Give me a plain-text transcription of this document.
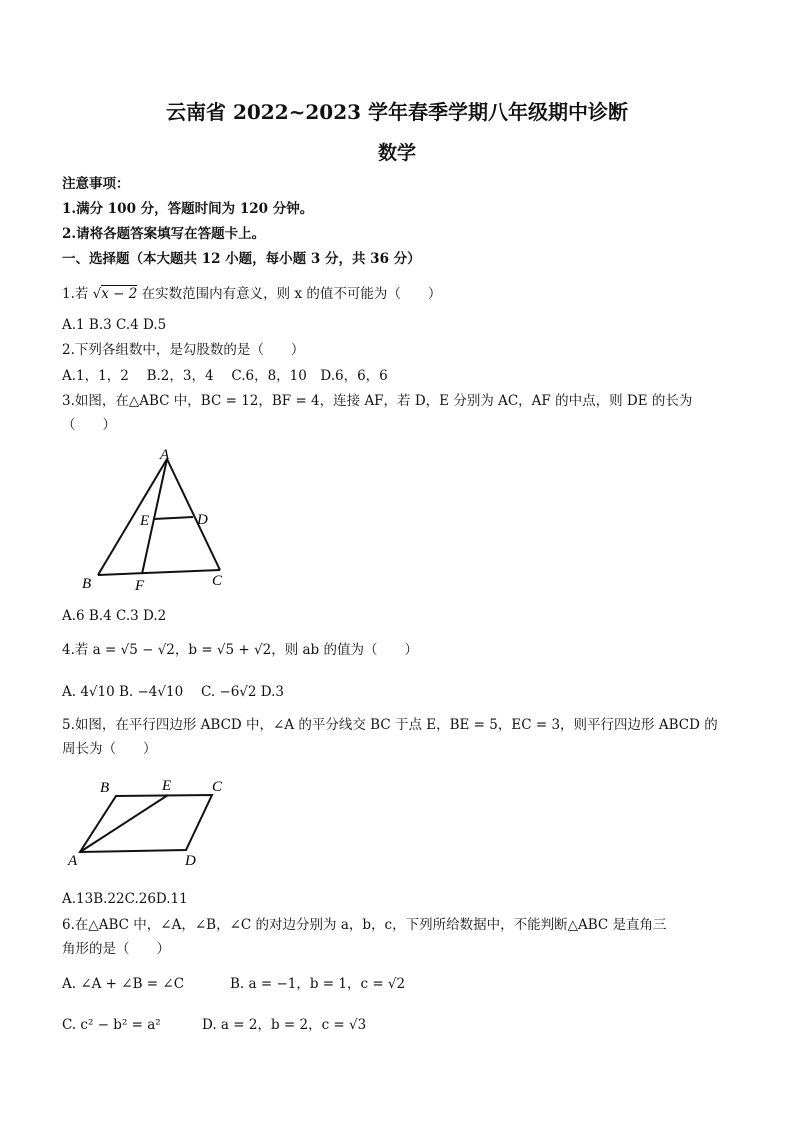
云南省 2022~2023 学年春季学期八年级期中诊断
数学
注意事项：
1.满分 100 分，答题时间为 120 分钟。
2.请将各题答案填写在答题卡上。
一、选择题（本大题共 12 小题，每小题 3 分，共 36 分）
1.若 √x − 2 在实数范围内有意义，则 x 的值不可能为（　　）
A.1 B.3 C.4 D.5
2.下列各组数中，是勾股数的是（　　）
A.1，1，2　 B.2，3，4　 C.6，8，10　D.6，6，6
3.如图，在△ABC 中，BC = 12，BF = 4，连接 AF，若 D，E 分别为 AC，AF 的中点，则 DE 的长为
（　　）
A
E	D
B	F	C
A.6 B.4 C.3 D.2
4.若 a = √5 − √2，b = √5 + √2，则 ab 的值为（　　）
A. 4√10 B. −4√10　 C. −6√2 D.3
5.如图，在平行四边形 ABCD 中，∠A 的平分线交 BC 于点 E，BE = 5，EC = 3，则平行四边形 ABCD 的
周长为（　　）
B	E	C
A	D
A.13B.22C.26D.11
6.在△ABC 中，∠A，∠B，∠C 的对边分别为 a，b，c，下列所给数据中，不能判断△ABC 是直角三
角形的是（　　）
A. ∠A + ∠B = ∠C	B. a = −1，b = 1，c = √2
C. c² − b² = a²	D. a = 2，b = 2，c = √3
